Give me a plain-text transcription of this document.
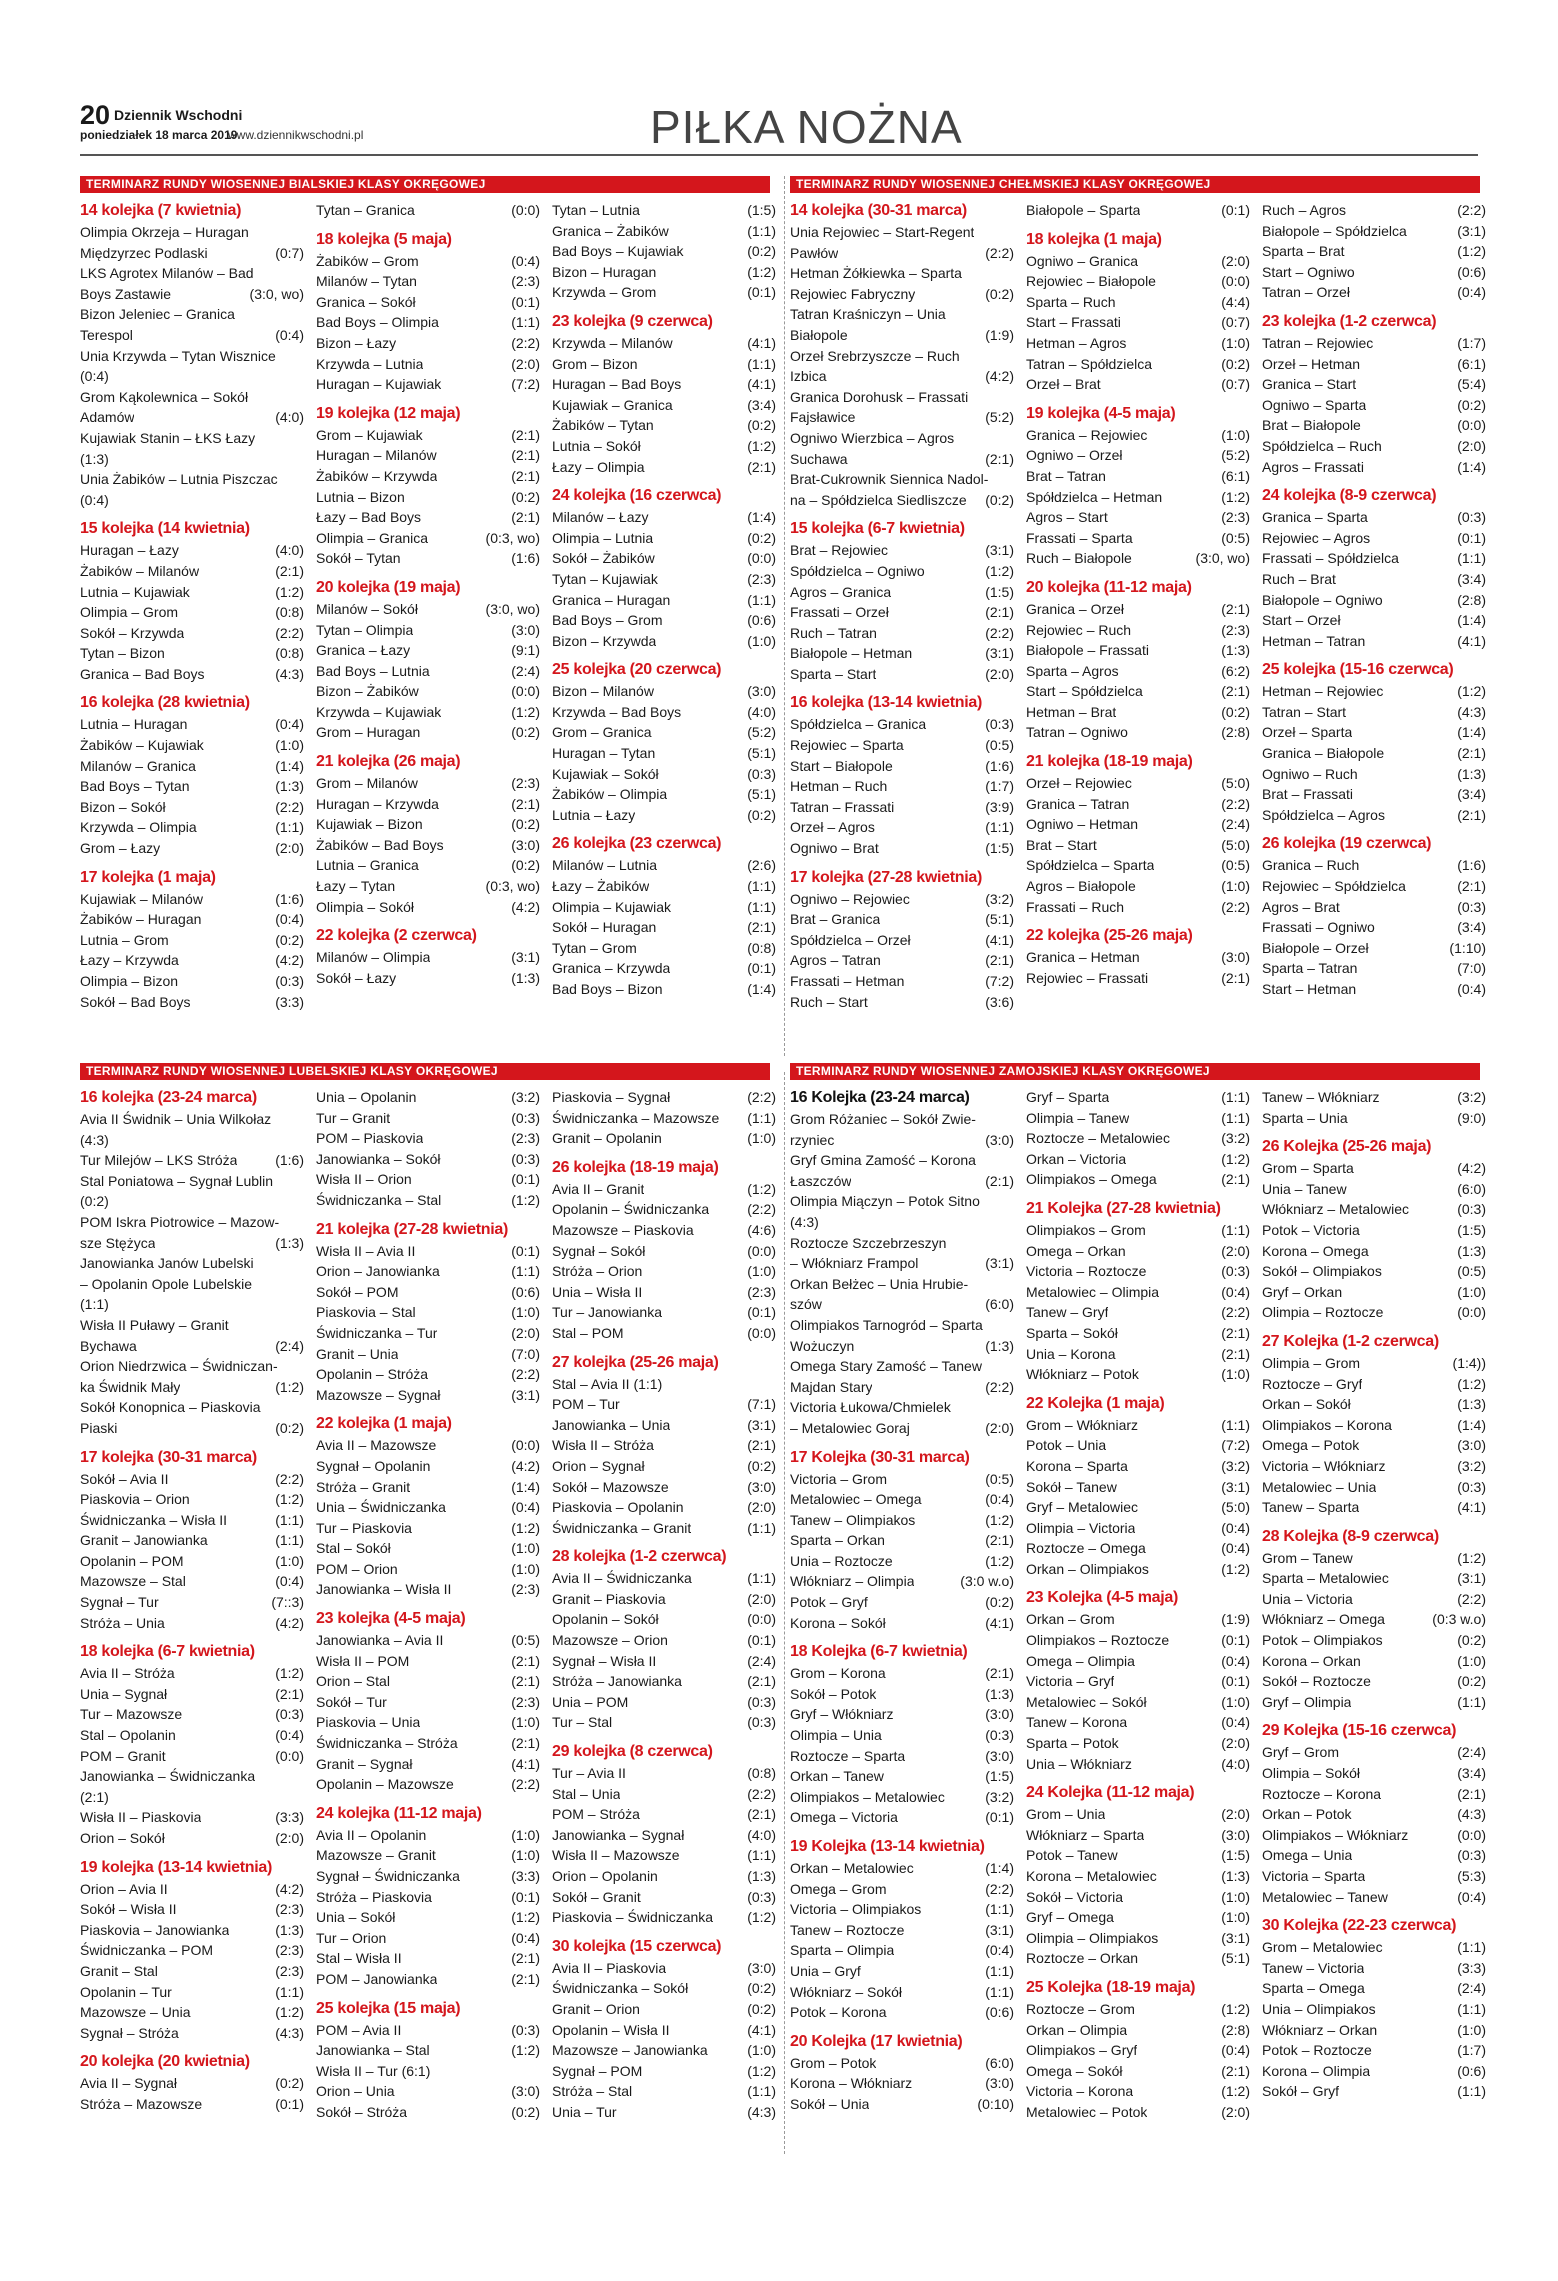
20 Dziennik Wschodni
poniedziałek 18 marca 2019
www.dziennikwschodni.pl	PIŁKA NOŻNA
TERMINARZ RUNDY WIOSENNEJ BIALSKIEJ KLASY OKRĘGOWEJ
14 kolejka (7 kwietnia)
Olimpia Okrzeja – Huragan
Międzyrzec Podlaski	(0:7)
LKS Agrotex Milanów – Bad
Boys Zastawie	(3:0, wo)
Bizon Jeleniec – Granica
Terespol	(0:4)
Unia Krzywda – Tytan Wisznice
(0:4)
Grom Kąkolewnica – Sokół
Adamów	(4:0)
Kujawiak Stanin – ŁKS Łazy
(1:3)
Unia Żabików – Lutnia Piszczac
(0:4)
15 kolejka (14 kwietnia)
Huragan – Łazy	(4:0)
Żabików – Milanów	(2:1)
Lutnia – Kujawiak	(1:2)
Olimpia – Grom	(0:8)
Sokół – Krzywda	(2:2)
Tytan – Bizon	(0:8)
Granica – Bad Boys	(4:3)
16 kolejka (28 kwietnia)
Lutnia – Huragan	(0:4)
Żabików – Kujawiak	(1:0)
Milanów – Granica	(1:4)
Bad Boys – Tytan	(1:3)
Bizon – Sokół	(2:2)
Krzywda – Olimpia	(1:1)
Grom – Łazy	(2:0)
17 kolejka (1 maja)
Kujawiak – Milanów	(1:6)
Żabików – Huragan	(0:4)
Lutnia – Grom	(0:2)
Łazy – Krzywda	(4:2)
Olimpia – Bizon	(0:3)
Sokół – Bad Boys	(3:3)
Tytan – Granica	(0:0)
18 kolejka (5 maja)
Żabików – Grom	(0:4)
Milanów – Tytan	(2:3)
Granica – Sokół	(0:1)
Bad Boys – Olimpia	(1:1)
Bizon – Łazy	(2:2)
Krzywda – Lutnia	(2:0)
Huragan – Kujawiak	(7:2)
19 kolejka (12 maja)
Grom – Kujawiak	(2:1)
Huragan – Milanów	(2:1)
Żabików – Krzywda	(2:1)
Lutnia – Bizon	(0:2)
Łazy – Bad Boys	(2:1)
Olimpia – Granica	(0:3, wo)
Sokół – Tytan	(1:6)
20 kolejka (19 maja)
Milanów – Sokół	(3:0, wo)
Tytan – Olimpia	(3:0)
Granica – Łazy	(9:1)
Bad Boys – Lutnia	(2:4)
Bizon – Żabików	(0:0)
Krzywda – Kujawiak	(1:2)
Grom – Huragan	(0:2)
21 kolejka (26 maja)
Grom – Milanów	(2:3)
Huragan – Krzywda	(2:1)
Kujawiak – Bizon	(0:2)
Żabików – Bad Boys	(3:0)
Lutnia – Granica	(0:2)
Łazy – Tytan	(0:3, wo)
Olimpia – Sokół	(4:2)
22 kolejka (2 czerwca)
Milanów – Olimpia	(3:1)
Sokół – Łazy	(1:3)
Tytan – Lutnia	(1:5)
Granica – Żabików	(1:1)
Bad Boys – Kujawiak	(0:2)
Bizon – Huragan	(1:2)
Krzywda – Grom	(0:1)
23 kolejka (9 czerwca)
Krzywda – Milanów	(4:1)
Grom – Bizon	(1:1)
Huragan – Bad Boys	(4:1)
Kujawiak – Granica	(3:4)
Żabików – Tytan	(0:2)
Lutnia – Sokół	(1:2)
Łazy – Olimpia	(2:1)
24 kolejka (16 czerwca)
Milanów – Łazy	(1:4)
Olimpia – Lutnia	(0:2)
Sokół – Żabików	(0:0)
Tytan – Kujawiak	(2:3)
Granica – Huragan	(1:1)
Bad Boys – Grom	(0:6)
Bizon – Krzywda	(1:0)
25 kolejka (20 czerwca)
Bizon – Milanów	(3:0)
Krzywda – Bad Boys	(4:0)
Grom – Granica	(5:2)
Huragan – Tytan	(5:1)
Kujawiak – Sokół	(0:3)
Żabików – Olimpia	(5:1)
Lutnia – Łazy	(0:2)
26 kolejka (23 czerwca)
Milanów – Lutnia	(2:6)
Łazy – Żabików	(1:1)
Olimpia – Kujawiak	(1:1)
Sokół – Huragan	(2:1)
Tytan – Grom	(0:8)
Granica – Krzywda	(0:1)
Bad Boys – Bizon	(1:4)
TERMINARZ RUNDY WIOSENNEJ CHEŁMSKIEJ KLASY OKRĘGOWEJ
14 kolejka (30-31 marca)
Unia Rejowiec – Start-Regent
Pawłów	(2:2)
Hetman Żółkiewka – Sparta
Rejowiec Fabryczny	(0:2)
Tatran Kraśniczyn – Unia
Białopole	(1:9)
Orzeł Srebrzyszcze – Ruch
Izbica	(4:2)
Granica Dorohusk – Frassati
Fajsławice	(5:2)
Ogniwo Wierzbica – Agros
Suchawa	(2:1)
Brat-Cukrownik Siennica Nadol-
na – Spółdzielca Siedliszcze (0:2)
15 kolejka (6-7 kwietnia)
Brat – Rejowiec	(3:1)
Spółdzielca – Ogniwo	(1:2)
Agros – Granica	(1:5)
Frassati – Orzeł	(2:1)
Ruch – Tatran	(2:2)
Białopole – Hetman	(3:1)
Sparta – Start	(2:0)
16 kolejka (13-14 kwietnia)
Spółdzielca – Granica	(0:3)
Rejowiec – Sparta	(0:5)
Start – Białopole	(1:6)
Hetman – Ruch	(1:7)
Tatran – Frassati	(3:9)
Orzeł – Agros	(1:1)
Ogniwo – Brat	(1:5)
17 kolejka (27-28 kwietnia)
Ogniwo – Rejowiec	(3:2)
Brat – Granica	(5:1)
Spółdzielca – Orzeł	(4:1)
Agros – Tatran	(2:1)
Frassati – Hetman	(7:2)
Ruch – Start	(3:6)
Białopole – Sparta	(0:1)
18 kolejka (1 maja)
Ogniwo – Granica	(2:0)
Rejowiec – Białopole	(0:0)
Sparta – Ruch	(4:4)
Start – Frassati	(0:7)
Hetman – Agros	(1:0)
Tatran – Spółdzielca	(0:2)
Orzeł – Brat	(0:7)
19 kolejka (4-5 maja)
Granica – Rejowiec	(1:0)
Ogniwo – Orzeł	(5:2)
Brat – Tatran	(6:1)
Spółdzielca – Hetman	(1:2)
Agros – Start	(2:3)
Frassati – Sparta	(0:5)
Ruch – Białopole	(3:0, wo)
20 kolejka (11-12 maja)
Granica – Orzeł	(2:1)
Rejowiec – Ruch	(2:3)
Białopole – Frassati	(1:3)
Sparta – Agros	(6:2)
Start – Spółdzielca	(2:1)
Hetman – Brat	(0:2)
Tatran – Ogniwo	(2:8)
21 kolejka (18-19 maja)
Orzeł – Rejowiec	(5:0)
Granica – Tatran	(2:2)
Ogniwo – Hetman	(2:4)
Brat – Start	(5:0)
Spółdzielca – Sparta	(0:5)
Agros – Białopole	(1:0)
Frassati – Ruch	(2:2)
22 kolejka (25-26 maja)
Granica – Hetman	(3:0)
Rejowiec – Frassati	(2:1)
Ruch – Agros	(2:2)
Białopole – Spółdzielca	(3:1)
Sparta – Brat	(1:2)
Start – Ogniwo	(0:6)
Tatran – Orzeł	(0:4)
23 kolejka (1-2 czerwca)
Tatran – Rejowiec	(1:7)
Orzeł – Hetman	(6:1)
Granica – Start	(5:4)
Ogniwo – Sparta	(0:2)
Brat – Białopole	(0:0)
Spółdzielca – Ruch	(2:0)
Agros – Frassati	(1:4)
24 kolejka (8-9 czerwca)
Granica – Sparta	(0:3)
Rejowiec – Agros	(0:1)
Frassati – Spółdzielca	(1:1)
Ruch – Brat	(3:4)
Białopole – Ogniwo	(2:8)
Start – Orzeł	(1:4)
Hetman – Tatran	(4:1)
25 kolejka (15-16 czerwca)
Hetman – Rejowiec	(1:2)
Tatran – Start	(4:3)
Orzeł – Sparta	(1:4)
Granica – Białopole	(2:1)
Ogniwo – Ruch	(1:3)
Brat – Frassati	(3:4)
Spółdzielca – Agros	(2:1)
26 kolejka (19 czerwca)
Granica – Ruch	(1:6)
Rejowiec – Spółdzielca	(2:1)
Agros – Brat	(0:3)
Frassati – Ogniwo	(3:4)
Białopole – Orzeł	(1:10)
Sparta – Tatran	(7:0)
Start – Hetman	(0:4)
TERMINARZ RUNDY WIOSENNEJ LUBELSKIEJ KLASY OKRĘGOWEJ
16 kolejka (23-24 marca)
Avia II Świdnik – Unia Wilkołaz
(4:3)
Tur Milejów – LKS Stróża	(1:6)
Stal Poniatowa – Sygnał Lublin
(0:2)
POM Iskra Piotrowice – Mazow-
sze Stężyca	(1:3)
Janowianka Janów Lubelski
– Opolanin Opole Lubelskie
(1:1)
Wisła II Puławy – Granit
Bychawa	(2:4)
Orion Niedrzwica – Świdniczan-
ka Świdnik Mały	(1:2)
Sokół Konopnica – Piaskovia
Piaski	(0:2)
17 kolejka (30-31 marca)
Sokół – Avia II	(2:2)
Piaskovia – Orion	(1:2)
Świdniczanka – Wisła II	(1:1)
Granit – Janowianka	(1:1)
Opolanin – POM	(1:0)
Mazowsze – Stal	(0:4)
Sygnał – Tur	(7::3)
Stróża – Unia	(4:2)
18 kolejka (6-7 kwietnia)
Avia II – Stróża	(1:2)
Unia – Sygnał	(2:1)
Tur – Mazowsze	(0:3)
Stal – Opolanin	(0:4)
POM – Granit	(0:0)
Janowianka – Świdniczanka
(2:1)
Wisła II – Piaskovia	(3:3)
Orion – Sokół	(2:0)
19 kolejka (13-14 kwietnia)
Orion – Avia II	(4:2)
Sokół – Wisła II	(2:3)
Piaskovia – Janowianka	(1:3)
Świdniczanka – POM	(2:3)
Granit – Stal	(2:3)
Opolanin – Tur	(1:1)
Mazowsze – Unia	(1:2)
Sygnał – Stróża	(4:3)
20 kolejka (20 kwietnia)
Avia II – Sygnał	(0:2)
Stróża – Mazowsze	(0:1)
Unia – Opolanin	(3:2)
Tur – Granit	(0:3)
POM – Piaskovia	(2:3)
Janowianka – Sokół	(0:3)
Wisła II – Orion	(0:1)
Świdniczanka – Stal	(1:2)
21 kolejka (27-28 kwietnia)
Wisła II – Avia II	(0:1)
Orion – Janowianka	(1:1)
Sokół – POM	(0:6)
Piaskovia – Stal	(1:0)
Świdniczanka – Tur	(2:0)
Granit – Unia	(7:0)
Opolanin – Stróża	(2:2)
Mazowsze – Sygnał	(3:1)
22 kolejka (1 maja)
Avia II – Mazowsze	(0:0)
Sygnał – Opolanin	(4:2)
Stróża – Granit	(1:4)
Unia – Świdniczanka	(0:4)
Tur – Piaskovia	(1:2)
Stal – Sokół	(1:0)
POM – Orion	(1:0)
Janowianka – Wisła II	(2:3)
23 kolejka (4-5 maja)
Janowianka – Avia II	(0:5)
Wisła II – POM	(2:1)
Orion – Stal	(2:1)
Sokół – Tur	(2:3)
Piaskovia – Unia	(1:0)
Świdniczanka – Stróża	(2:1)
Granit – Sygnał	(4:1)
Opolanin – Mazowsze	(2:2)
24 kolejka (11-12 maja)
Avia II – Opolanin	(1:0)
Mazowsze – Granit	(1:0)
Sygnał – Świdniczanka	(3:3)
Stróża – Piaskovia	(0:1)
Unia – Sokół	(1:2)
Tur – Orion	(0:4)
Stal – Wisła II	(2:1)
POM – Janowianka	(2:1)
25 kolejka (15 maja)
POM – Avia II	(0:3)
Janowianka – Stal	(1:2)
Wisła II – Tur (6:1)
Orion – Unia	(3:0)
Sokół – Stróża	(0:2)
Piaskovia – Sygnał	(2:2)
Świdniczanka – Mazowsze (1:1)
Granit – Opolanin	(1:0)
26 kolejka (18-19 maja)
Avia II – Granit	(1:2)
Opolanin – Świdniczanka	(2:2)
Mazowsze – Piaskovia	(4:6)
Sygnał – Sokół	(0:0)
Stróża – Orion	(1:0)
Unia – Wisła II	(2:3)
Tur – Janowianka	(0:1)
Stal – POM	(0:0)
27 kolejka (25-26 maja)
Stal – Avia II (1:1)
POM – Tur	(7:1)
Janowianka – Unia	(3:1)
Wisła II – Stróża	(2:1)
Orion – Sygnał	(0:2)
Sokół – Mazowsze	(3:0)
Piaskovia – Opolanin	(2:0)
Świdniczanka – Granit	(1:1)
28 kolejka (1-2 czerwca)
Avia II – Świdniczanka	(1:1)
Granit – Piaskovia	(2:0)
Opolanin – Sokół	(0:0)
Mazowsze – Orion	(0:1)
Sygnał – Wisła II	(2:4)
Stróża – Janowianka	(2:1)
Unia – POM	(0:3)
Tur – Stal	(0:3)
29 kolejka (8 czerwca)
Tur – Avia II	(0:8)
Stal – Unia	(2:2)
POM – Stróża	(2:1)
Janowianka – Sygnał	(4:0)
Wisła II – Mazowsze	(1:1)
Orion – Opolanin	(1:3)
Sokół – Granit	(0:3)
Piaskovia – Świdniczanka (1:2)
30 kolejka (15 czerwca)
Avia II – Piaskovia	(3:0)
Świdniczanka – Sokół	(0:2)
Granit – Orion	(0:2)
Opolanin – Wisła II	(4:1)
Mazowsze – Janowianka	(1:0)
Sygnał – POM	(1:2)
Stróża – Stal	(1:1)
Unia – Tur	(4:3)
TERMINARZ RUNDY WIOSENNEJ ZAMOJSKIEJ KLASY OKRĘGOWEJ
16 Kolejka (23-24 marca)
Grom Różaniec – Sokół Zwie-
rzyniec	(3:0)
Gryf Gmina Zamość – Korona
Łaszczów	(2:1)
Olimpia Miączyn – Potok Sitno
(4:3)
Roztocze Szczebrzeszyn
– Włókniarz Frampol	(3:1)
Orkan Bełżec – Unia Hrubie-
szów	(6:0)
Olimpiakos Tarnogród – Sparta
Wożuczyn	(1:3)
Omega Stary Zamość – Tanew
Majdan Stary	(2:2)
Victoria Łukowa/Chmielek
– Metalowiec Goraj	(2:0)
17 Kolejka (30-31 marca)
Victoria – Grom	(0:5)
Metalowiec – Omega	(0:4)
Tanew – Olimpiakos	(1:2)
Sparta – Orkan	(2:1)
Unia – Roztocze	(1:2)
Włókniarz – Olimpia	(3:0 w.o)
Potok – Gryf	(0:2)
Korona – Sokół	(4:1)
18 Kolejka (6-7 kwietnia)
Grom – Korona	(2:1)
Sokół – Potok	(1:3)
Gryf – Włókniarz	(3:0)
Olimpia – Unia	(0:3)
Roztocze – Sparta	(3:0)
Orkan – Tanew	(1:5)
Olimpiakos – Metalowiec	(3:2)
Omega – Victoria	(0:1)
19 Kolejka (13-14 kwietnia)
Orkan – Metalowiec	(1:4)
Omega – Grom	(2:2)
Victoria – Olimpiakos	(1:1)
Tanew – Roztocze	(3:1)
Sparta – Olimpia	(0:4)
Unia – Gryf	(1:1)
Włókniarz – Sokół	(1:1)
Potok – Korona	(0:6)
20 Kolejka (17 kwietnia)
Grom – Potok	(6:0)
Korona – Włókniarz	(3:0)
Sokół – Unia	(0:10)
Gryf – Sparta	(1:1)
Olimpia – Tanew	(1:1)
Roztocze – Metalowiec	(3:2)
Orkan – Victoria	(1:2)
Olimpiakos – Omega	(2:1)
21 Kolejka (27-28 kwietnia)
Olimpiakos – Grom	(1:1)
Omega – Orkan	(2:0)
Victoria – Roztocze	(0:3)
Metalowiec – Olimpia	(0:4)
Tanew – Gryf	(2:2)
Sparta – Sokół	(2:1)
Unia – Korona	(2:1)
Włókniarz – Potok	(1:0)
22 Kolejka (1 maja)
Grom – Włókniarz	(1:1)
Potok – Unia	(7:2)
Korona – Sparta	(3:2)
Sokół – Tanew	(3:1)
Gryf – Metalowiec	(5:0)
Olimpia – Victoria	(0:4)
Roztocze – Omega	(0:4)
Orkan – Olimpiakos	(1:2)
23 Kolejka (4-5 maja)
Orkan – Grom	(1:9)
Olimpiakos – Roztocze	(0:1)
Omega – Olimpia	(0:4)
Victoria – Gryf	(0:1)
Metalowiec – Sokół	(1:0)
Tanew – Korona	(0:4)
Sparta – Potok	(2:0)
Unia – Włókniarz	(4:0)
24 Kolejka (11-12 maja)
Grom – Unia	(2:0)
Włókniarz – Sparta	(3:0)
Potok – Tanew	(1:5)
Korona – Metalowiec	(1:3)
Sokół – Victoria	(1:0)
Gryf – Omega	(1:0)
Olimpia – Olimpiakos	(3:1)
Roztocze – Orkan	(5:1)
25 Kolejka (18-19 maja)
Roztocze – Grom	(1:2)
Orkan – Olimpia	(2:8)
Olimpiakos – Gryf	(0:4)
Omega – Sokół	(2:1)
Victoria – Korona	(1:2)
Metalowiec – Potok	(2:0)
Tanew – Włókniarz	(3:2)
Sparta – Unia	(9:0)
26 Kolejka (25-26 maja)
Grom – Sparta	(4:2)
Unia – Tanew	(6:0)
Włókniarz – Metalowiec	(0:3)
Potok – Victoria	(1:5)
Korona – Omega	(1:3)
Sokół – Olimpiakos	(0:5)
Gryf – Orkan	(1:0)
Olimpia – Roztocze	(0:0)
27 Kolejka (1-2 czerwca)
Olimpia – Grom	(1:4))
Roztocze – Gryf	(1:2)
Orkan – Sokół	(1:3)
Olimpiakos – Korona	(1:4)
Omega – Potok	(3:0)
Victoria – Włókniarz	(3:2)
Metalowiec – Unia	(0:3)
Tanew – Sparta	(4:1)
28 Kolejka (8-9 czerwca)
Grom – Tanew	(1:2)
Sparta – Metalowiec	(3:1)
Unia – Victoria	(2:2)
Włókniarz – Omega	(0:3 w.o)
Potok – Olimpiakos	(0:2)
Korona – Orkan	(1:0)
Sokół – Roztocze	(0:2)
Gryf – Olimpia	(1:1)
29 Kolejka (15-16 czerwca)
Gryf – Grom	(2:4)
Olimpia – Sokół	(3:4)
Roztocze – Korona	(2:1)
Orkan – Potok	(4:3)
Olimpiakos – Włókniarz	(0:0)
Omega – Unia	(0:3)
Victoria – Sparta	(5:3)
Metalowiec – Tanew	(0:4)
30 Kolejka (22-23 czerwca)
Grom – Metalowiec	(1:1)
Tanew – Victoria	(3:3)
Sparta – Omega	(2:4)
Unia – Olimpiakos	(1:1)
Włókniarz – Orkan	(1:0)
Potok – Roztocze	(1:7)
Korona – Olimpia	(0:6)
Sokół – Gryf	(1:1)
